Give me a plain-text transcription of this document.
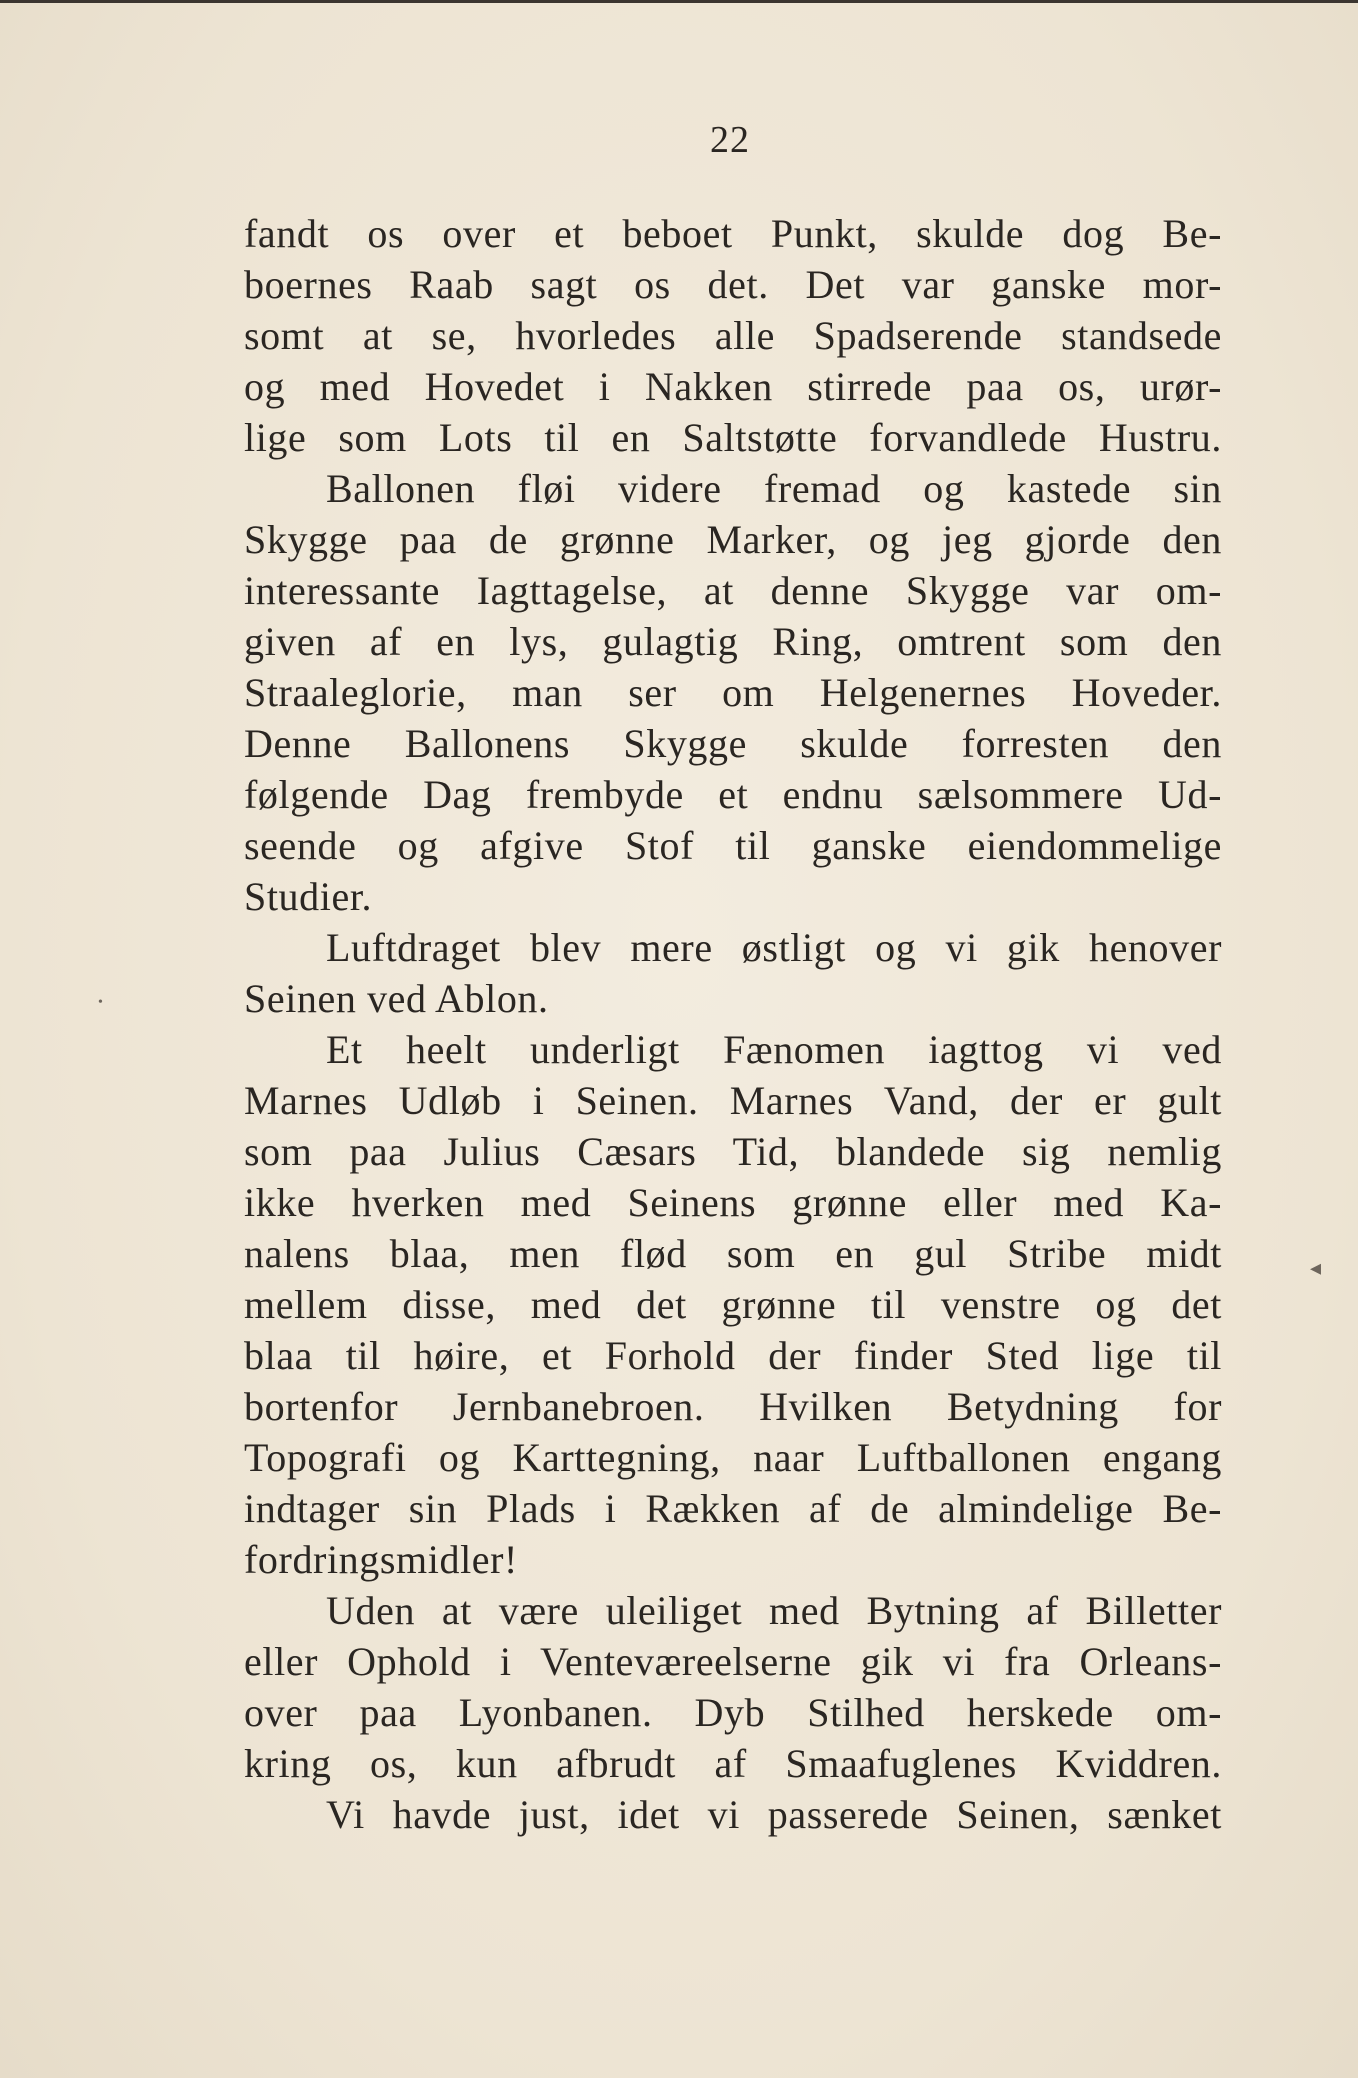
22
fandt os over et beboet Punkt, skulde dog Be-
boernes Raab sagt os det. Det var ganske mor-
somt at se, hvorledes alle Spadserende standsede
og med Hovedet i Nakken stirrede paa os, urør-
lige som Lots til en Saltstøtte forvandlede Hustru.
Ballonen fløi videre fremad og kastede sin
Skygge paa de grønne Marker, og jeg gjorde den
interessante Iagttagelse, at denne Skygge var om-
given af en lys, gulagtig Ring, omtrent som den
Straaleglorie, man ser om Helgenernes Hoveder.
Denne Ballonens Skygge skulde forresten den
følgende Dag frembyde et endnu sælsommere Ud-
seende og afgive Stof til ganske eiendommelige
Studier.
Luftdraget blev mere østligt og vi gik henover
Seinen ved Ablon.
Et heelt underligt Fænomen iagttog vi ved
Marnes Udløb i Seinen. Marnes Vand, der er gult
som paa Julius Cæsars Tid, blandede sig nemlig
ikke hverken med Seinens grønne eller med Ka-
nalens blaa, men flød som en gul Stribe midt
mellem disse, med det grønne til venstre og det
blaa til høire, et Forhold der finder Sted lige til
bortenfor Jernbanebroen. Hvilken Betydning for
Topografi og Karttegning, naar Luftballonen engang
indtager sin Plads i Rækken af de almindelige Be-
fordringsmidler!
Uden at være uleiliget med Bytning af Billetter
eller Ophold i Venteværeelserne gik vi fra Orleans-
over paa Lyonbanen. Dyb Stilhed herskede om-
kring os, kun afbrudt af Smaafuglenes Kviddren.
Vi havde just, idet vi passerede Seinen, sænket
◂
•
